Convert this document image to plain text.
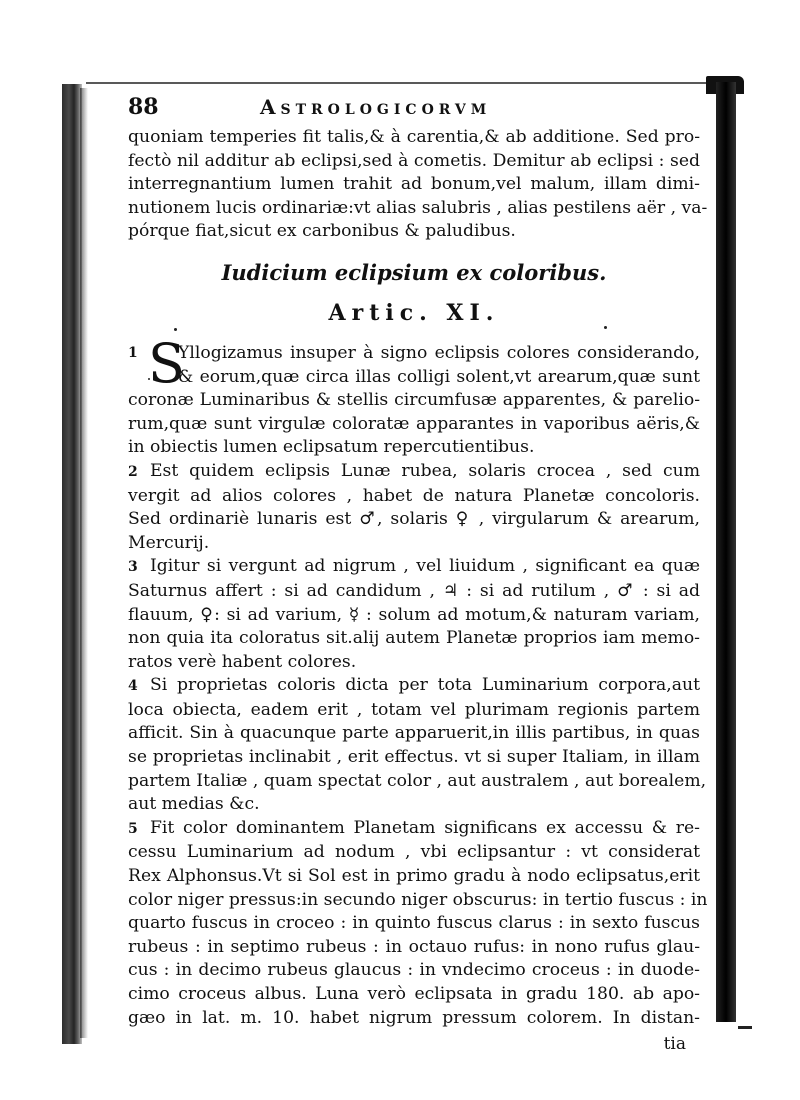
88	Astrologicorvm
quoniam temperies fit talis,& à carentia,& ab additione. Sed pro-
fectò nil additur ab eclipsi,sed à cometis. Demitur ab eclipsi : sed
interregnantium lumen trahit ad bonum,vel malum, illam dimi-
nutionem lucis ordinariæ:vt alias salubris , alias pestilens aër , va-
pórque fiat,sicut ex carbonibus & paludibus.
Iudicium eclipsium ex coloribus.
Artic. XI.
S
1	Yllogizamus insuper à signo eclipsis colores considerando,
& eorum,quæ circa illas colligi solent,vt arearum,quæ sunt
coronæ Luminaribus & stellis circumfusæ apparentes, & parelio-
rum,quæ sunt virgulæ coloratæ apparantes in vaporibus aëris,&
in obiectis lumen eclipsatum repercutientibus.
2 Est quidem eclipsis Lunæ rubea, solaris crocea , sed cum
vergit ad alios colores , habet de natura Planetæ concoloris.
Sed ordinariè lunaris est ♂, solaris ♀ , virgularum & arearum,
Mercurij.
3 Igitur si vergunt ad nigrum , vel liuidum , significant ea quæ
Saturnus affert : si ad candidum , ♃ : si ad rutilum , ♂ : si ad
flauum, ♀: si ad varium, ☿ : solum ad motum,& naturam variam,
non quia ita coloratus sit.alij autem Planetæ proprios iam memo-
ratos verè habent colores.
4 Si proprietas coloris dicta per tota Luminarium corpora,aut
loca obiecta, eadem erit , totam vel plurimam regionis partem
afficit. Sin à quacunque parte apparuerit,in illis partibus, in quas
se proprietas inclinabit , erit effectus. vt si super Italiam, in illam
partem Italiæ , quam spectat color , aut australem , aut borealem,
aut medias &c.
5 Fit color dominantem Planetam significans ex accessu & re-
cessu Luminarium ad nodum , vbi eclipsantur : vt considerat
Rex Alphonsus.Vt si Sol est in primo gradu à nodo eclipsatus,erit
color niger pressus:in secundo niger obscurus: in tertio fuscus : in
quarto fuscus in croceo : in quinto fuscus clarus : in sexto fuscus
rubeus : in septimo rubeus : in octauo rufus: in nono rufus glau-
cus : in decimo rubeus glaucus : in vndecimo croceus : in duode-
cimo croceus albus. Luna verò eclipsata in gradu 180. ab apo-
gæo in lat. m. 10. habet nigrum pressum colorem. In distan-
tia
